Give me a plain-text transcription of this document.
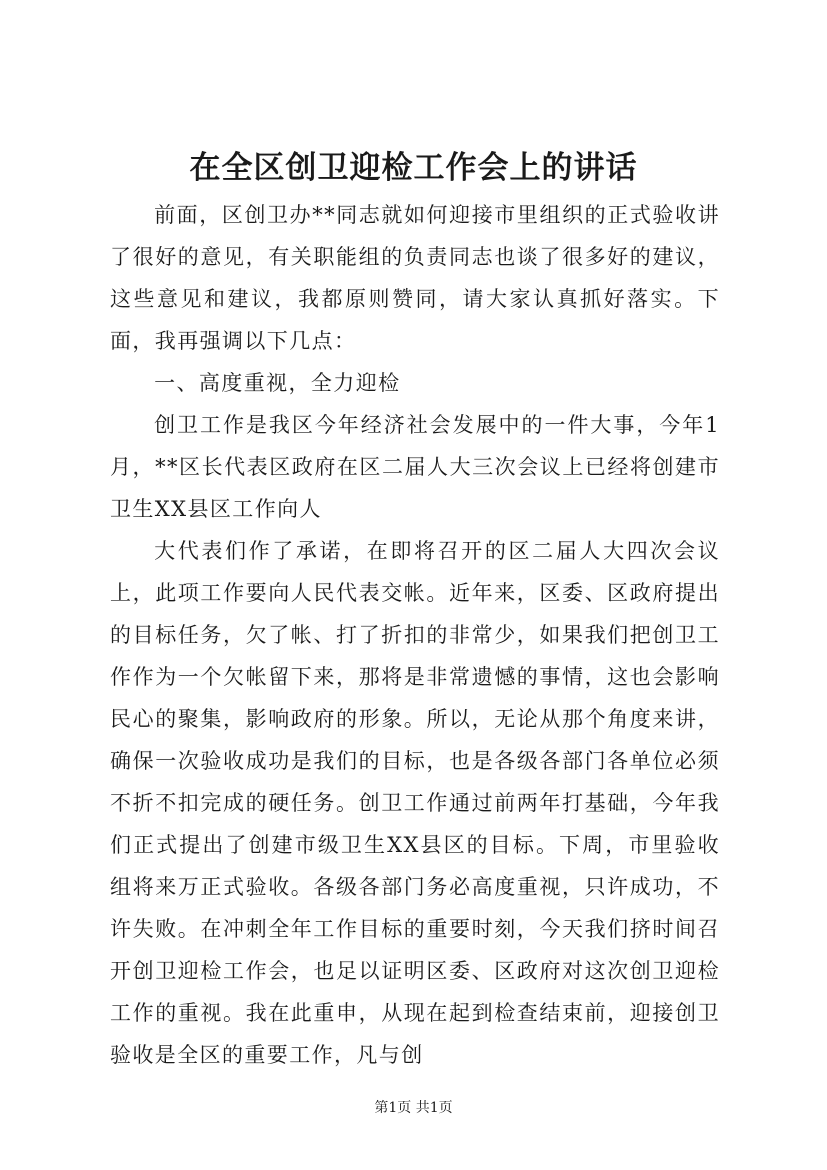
在全区创卫迎检工作会上的讲话

前面，区创卫办**同志就如何迎接市里组织的正式验收讲了很好的意见，有关职能组的负责同志也谈了很多好的建议，这些意见和建议，我都原则赞同，请大家认真抓好落实。下面，我再强调以下几点：

一、高度重视，全力迎检

创卫工作是我区今年经济社会发展中的一件大事，今年1月，**区长代表区政府在区二届人大三次会议上已经将创建市卫生XX县区工作向人

大代表们作了承诺，在即将召开的区二届人大四次会议上，此项工作要向人民代表交帐。近年来，区委、区政府提出的目标任务，欠了帐、打了折扣的非常少，如果我们把创卫工作作为一个欠帐留下来，那将是非常遗憾的事情，这也会影响民心的聚集，影响政府的形象。所以，无论从那个角度来讲，确保一次验收成功是我们的目标，也是各级各部门各单位必须不折不扣完成的硬任务。创卫工作通过前两年打基础，今年我们正式提出了创建市级卫生XX县区的目标。下周，市里验收组将来万正式验收。各级各部门务必高度重视，只许成功，不许失败。在冲刺全年工作目标的重要时刻，今天我们挤时间召开创卫迎检工作会，也足以证明区委、区政府对这次创卫迎检工作的重视。我在此重申，从现在起到检查结束前，迎接创卫验收是全区的重要工作，凡与创

第1页 共1页
